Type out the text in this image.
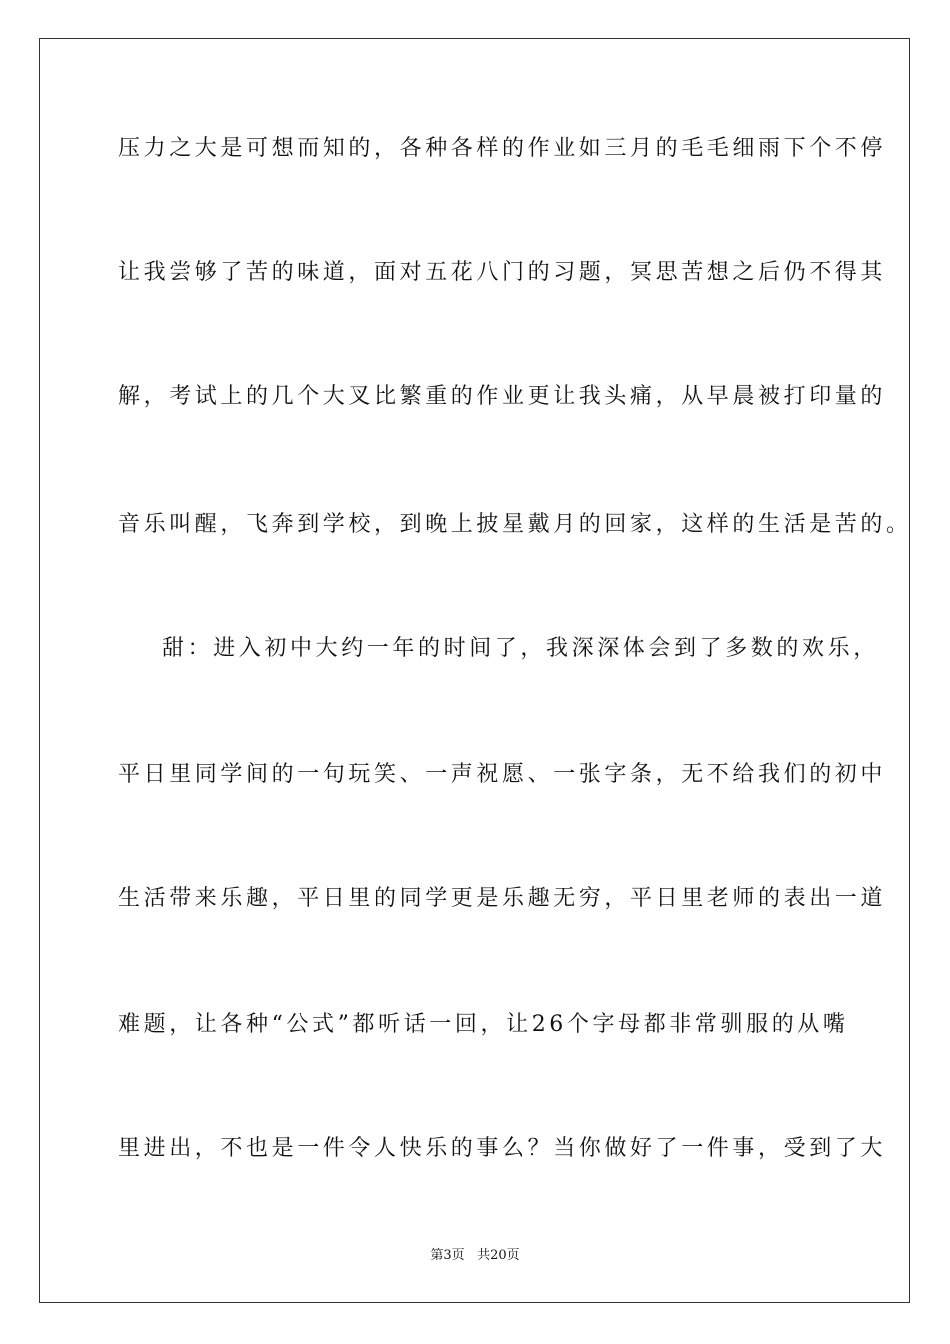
压力之大是可想而知的，各种各样的作业如三月的毛毛细雨下个不停
让我尝够了苦的味道，面对五花八门的习题，冥思苦想之后仍不得其
解，考试上的几个大叉比繁重的作业更让我头痛，从早晨被打印量的
音乐叫醒，飞奔到学校，到晚上披星戴月的回家，这样的生活是苦的。
甜：进入初中大约一年的时间了，我深深体会到了多数的欢乐，
平日里同学间的一句玩笑、一声祝愿、一张字条，无不给我们的初中
生活带来乐趣，平日里的同学更是乐趣无穷，平日里老师的表出一道
难题，让各种“公式”都听话一回，让26个字母都非常驯服的从嘴
里进出，不也是一件令人快乐的事么？当你做好了一件事，受到了大
第3页 共20页
